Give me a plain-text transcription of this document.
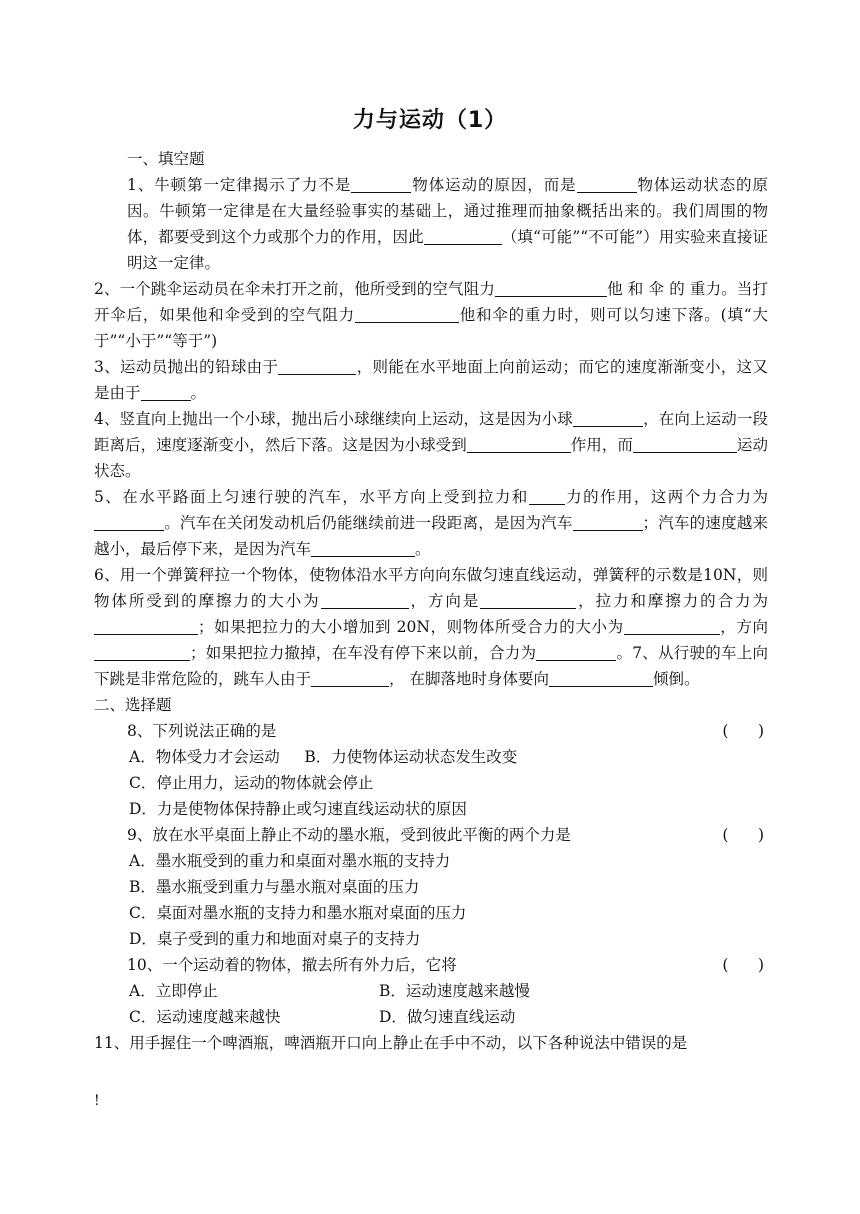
力与运动（1）

一、填空题

1、牛顿第一定律揭示了力不是	物体运动的原因，而是	物体运动状态的原因。牛顿第一定律是在大量经验事实的基础上，通过推理而抽象概括出来的。我们周围的物体，都要受到这个力或那个力的作用，因此	（填“可能”“不可能”）用实验来直接证明这一定律。

2、一个跳伞运动员在伞未打开之前，他所受到的空气阻力	他 和 伞 的 重力。当打开伞后，如果他和伞受到的空气阻力	他和伞的重力时，则可以匀速下落。(填“大于”“小于”“等于”)

3、运动员抛出的铅球由于	，则能在水平地面上向前运动；而它的速度渐渐变小，这又是由于	。

4、竖直向上抛出一个小球，抛出后小球继续向上运动，这是因为小球	，在向上运动一段距离后，速度逐渐变小，然后下落。这是因为小球受到	作用，而	运动状态。

5、在水平路面上匀速行驶的汽车，水平方向上受到拉力和 力的作用，这两个力合力为。汽车在关闭发动机后仍能继续前进一段距离，是因为汽车	；汽车的速度越来越小，最后停下来，是因为汽车	。

6、用一个弹簧秤拉一个物体，使物体沿水平方向向东做匀速直线运动，弹簧秤的示数是10N，则物体所受到的摩擦力的大小为	，方向是	，拉力和摩擦力的合力为；如果把拉力的大小增加到 20N，则物体所受合力的大小为	，方向；如果把拉力撤掉，在车没有停下来以前，合力为	。7、从行驶的车上向下跳是非常危险的，跳车人由于	， 在脚落地时身体要向	倾倒。

二、选择题

8、下列说法正确的是	(      )
A．物体受力才会运动 B．力使物体运动状态发生改变
C．停止用力，运动的物体就会停止
D．力是使物体保持静止或匀速直线运动状的原因
9、放在水平桌面上静止不动的墨水瓶，受到彼此平衡的两个力是	(      )
A．墨水瓶受到的重力和桌面对墨水瓶的支持力
B．墨水瓶受到重力与墨水瓶对桌面的压力
C．桌面对墨水瓶的支持力和墨水瓶对桌面的压力
D．桌子受到的重力和地面对桌子的支持力
10、一个运动着的物体，撤去所有外力后，它将	(      )
A．立即停止	B．运动速度越来越慢
C．运动速度越来越快	D．做匀速直线运动

11、用手握住一个啤酒瓶，啤酒瓶开口向上静止在手中不动，以下各种说法中错误的是

!
